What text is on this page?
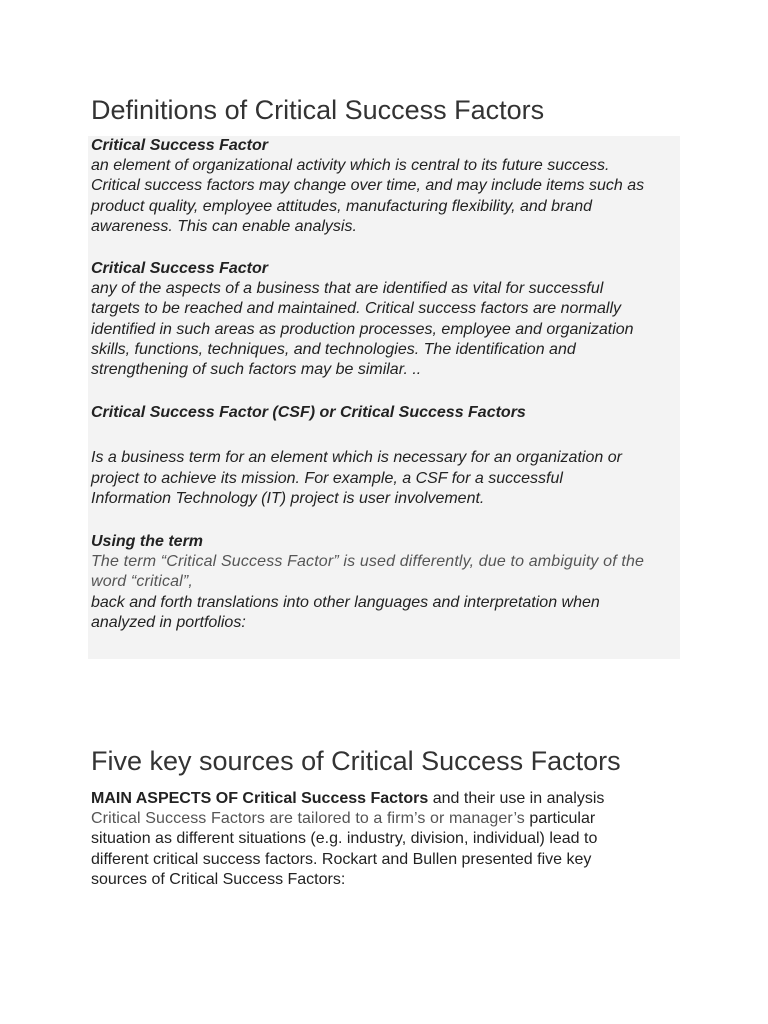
Definitions of Critical Success Factors

Critical Success Factor

an element of organizational activity which is central to its future success.

Critical success factors may change over time, and may include items such as

product quality, employee attitudes, manufacturing flexibility, and brand

awareness. This can enable analysis.

Critical Success Factor

any of the aspects of a business that are identified as vital for successful

targets to be reached and maintained. Critical success factors are normally

identified in such areas as production processes, employee and organization

skills, functions, techniques, and technologies. The identification and

strengthening of such factors may be similar. ..

Critical Success Factor (CSF) or Critical Success Factors

Is a business term for an element which is necessary for an organization or

project to achieve its mission. For example, a CSF for a successful

Information Technology (IT) project is user involvement.

Using the term

The term “Critical Success Factor” is used differently, due to ambiguity of the

word “critical”,

back and forth translations into other languages and interpretation when

analyzed in portfolios:

Five key sources of Critical Success Factors

MAIN ASPECTS OF Critical Success Factors and their use in analysis

Critical Success Factors are tailored to a firm’s or manager’s particular

situation as different situations (e.g. industry, division, individual) lead to

different critical success factors. Rockart and Bullen presented five key

sources of Critical Success Factors:
